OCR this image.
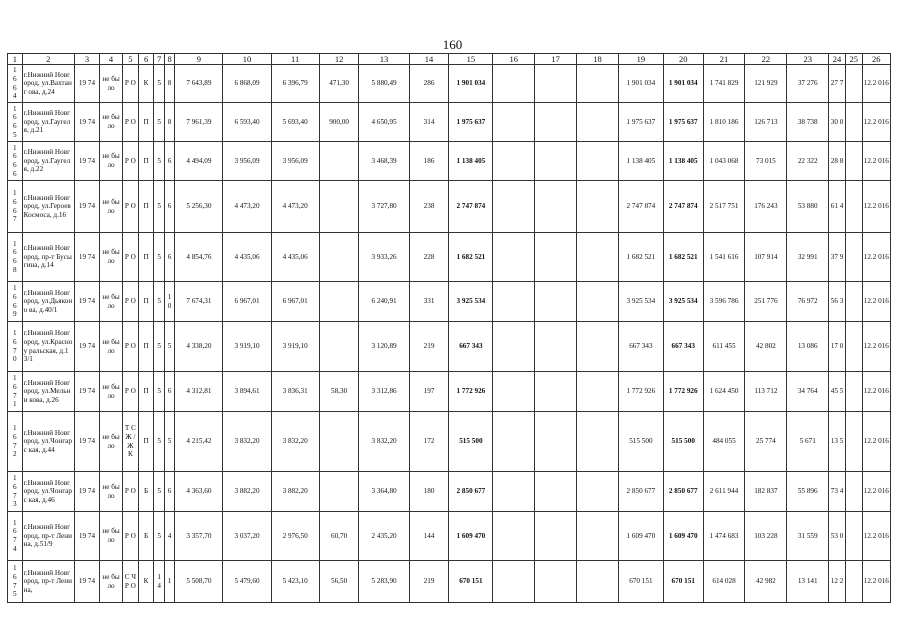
160
1	2	3	4	5	6	7	8	9	10	11	12	13	14	15	16	17	18	19	20	21	22	23	24	25	26
1
6
6
4	г.Нижний Новгород, ул.Вахтанг ова, д.24	19 74	не было	Р О	К	5	8	7 643,89	6 868,09	6 396,79	471,30	5 880,49	286	1 901 034				1 901 034	1 901 034	1 741 829	121 929	37 276	27 7		12.2 016
1
6
6
5	г.Нижний Новгород, ул.Гаугеля, д.21	19 74	не было	Р О	П	5	8	7 961,39	6 593,40	5 693,40	900,00	4 650,95	314	1 975 637				1 975 637	1 975 637	1 810 186	126 713	38 738	30 0		12.2 016
1
6
6
6	г.Нижний Новгород, ул.Гаугеля, д.22	19 74	не было	Р О	П	5	6	4 494,09	3 956,09	3 956,09		3 468,39	186	1 138 405				1 138 405	1 138 405	1 043 068	73 015	22 322	28 8		12.2 016
1
6
6
7	г.Нижний Новгород, ул.Героев Космоса, д.16	19 74	не было	Р О	П	5	6	5 256,30	4 473,20	4 473,20		3 727,80	238	2 747 874				2 747 874	2 747 874	2 517 751	176 243	53 880	61 4		12.2 016
1
6
6
8	г.Нижний Новгород, пр-т Бусыгина, д.14	19 74	не было	Р О	П	5	6	4 854,76	4 435,06	4 435,06		3 933,26	228	1 682 521				1 682 521	1 682 521	1 541 616	107 914	32 991	37 9		12.2 016
1
6
6
9	г.Нижний Новгород, ул.Дьяконо ва, д.40/1	19 74	не было	Р О	П	5	1 0	7 674,31	6 967,01	6 967,01		6 240,91	331	3 925 534				3 925 534	3 925 534	3 596 786	251 776	76 972	56 3		12.2 016
1
6
7
0	г.Нижний Новгород, ул.Красноу ральская, д.13/1	19 74	не было	Р О	П	5	5	4 338,20	3 919,10	3 919,10		3 120,89	219	667 343				667 343	667 343	611 455	42 802	13 086	17 0		12.2 016
1
6
7
1	г.Нижний Новгород, ул.Мельни кова, д.26	19 74	не было	Р О	П	5	6	4 312,81	3 894,61	3 836,31	58,30	3 312,86	197	1 772 926				1 772 926	1 772 926	1 624 450	113 712	34 764	45 5		12.2 016
1
6
7
2	г.Нижний Новгород, ул.Чонгарс кая, д.44	19 74	не было	Т С Ж / Ж К	П	5	5	4 215,42	3 832,20	3 832,20		3 832,20	172	515 500				515 500	515 500	484 055	25 774	5 671	13 5		12.2 016
1
6
7
3	г.Нижний Новгород, ул.Чонгарс кая, д.46	19 74	не было	Р О	Б	5	6	4 363,60	3 882,20	3 882,20		3 364,80	180	2 850 677				2 850 677	2 850 677	2 611 944	182 837	55 896	73 4		12.2 016
1
6
7
4	г.Нижний Новгород, пр-т Ленина, д.51/9	19 74	не было	Р О	Б	5	4	3 357,70	3 037,20	2 976,50	60,70	2 435,20	144	1 609 470				1 609 470	1 609 470	1 474 683	103 228	31 559	53 0		12.2 016
1
6
7
5	г.Нижний Новгород, пр-т Ленина,	19 74	не было	С Ч Р О	К	1 4	1	5 508,70	5 479,60	5 423,10	56,50	5 283,90	219	670 151				670 151	670 151	614 028	42 982	13 141	12 2		12.2 016
